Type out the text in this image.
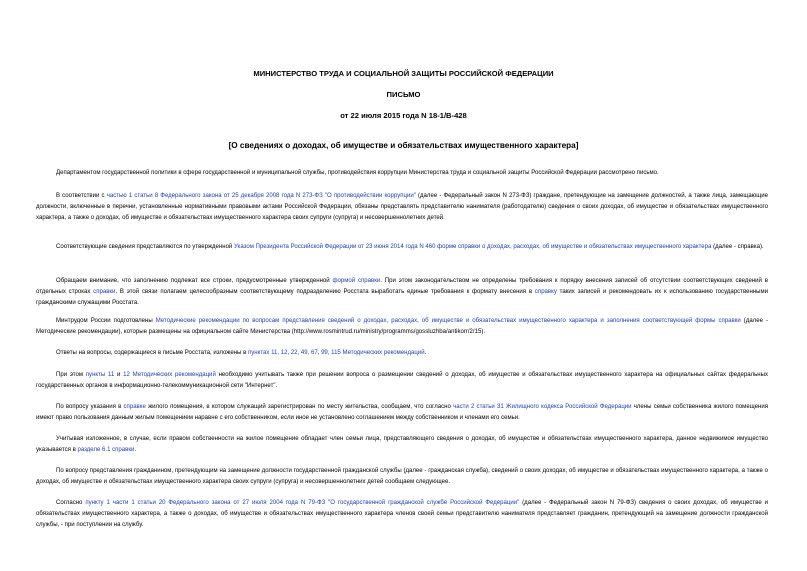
МИНИСТЕРСТВО ТРУДА И СОЦИАЛЬНОЙ ЗАЩИТЫ РОССИЙСКОЙ ФЕДЕРАЦИИ
ПИСЬМО
от 22 июля 2015 года N 18-1/В-428
[О сведениях о доходах, об имуществе и обязательствах имущественного характера]

Департаментом государственной политики в сфере государственной и муниципальной службы, противодействия коррупции Министерства труда и социальной защиты Российской Федерации рассмотрено письмо.

В соответствии с частью 1 статьи 8 Федерального закона от 25 декабря 2008 года N 273-ФЗ "О противодействии коррупции" (далее - Федеральный закон N 273-ФЗ) граждане, претендующие на замещение должностей, а также лица, замещающие должности, включенные в перечни, установленные нормативными правовыми актами Российской Федерации, обязаны представлять представителю нанимателя (работодателю) сведения о своих доходах, об имуществе и обязательствах имущественного характера, а также о доходах, об имуществе и обязательствах имущественного характера своих супруги (супруга) и несовершеннолетних детей.

Соответствующие сведения представляются по утвержденной Указом Президента Российской Федерации от 23 июня 2014 года N 460 форме справки о доходах, расходах, об имуществе и обязательствах имущественного характера (далее - справка).

Обращаем внимание, что заполнению подлежат все строки, предусмотренные утвержденной формой справки. При этом законодательством не определены требования к порядку внесения записей об отсутствии соответствующих сведений в отдельных строках справки. В этой связи полагаем целесообразным соответствующему подразделению Росстата выработать единые требования к формату внесения в справку таких записей и рекомендовать их к использованию государственными гражданскими служащими Росстата.

Минтрудом России подготовлены Методические рекомендации по вопросам представления сведений о доходах, расходах, об имуществе и обязательствах имущественного характера и заполнения соответствующей формы справки (далее - Методические рекомендации), которые размещены на официальном сайте Министерства (http://www.rosmintrud.ru/ministry/programms/gossluzhba/antikorr/2/15).

Ответы на вопросы, содержащиеся в письме Росстата, изложены в пунктах 11, 12, 22, 49, 67, 99, 115 Методических рекомендаций.

При этом пункты 11 и 12 Методических рекомендаций необходимо учитывать также при решении вопроса о размещении сведений о доходах, об имуществе и обязательствах имущественного характера на официальных сайтах федеральных государственных органов в информационно-телекоммуникационной сети "Интернет".

По вопросу указания в справке жилого помещения, в котором служащий зарегистрирован по месту жительства, сообщаем, что согласно части 2 статьи 31 Жилищного кодекса Российской Федерации члены семьи собственника жилого помещения имеют право пользования данным жилым помещением наравне с его собственником, если иное не установлено соглашением между собственником и членами его семьи.

Учитывая изложенное, в случае, если правом собственности на жилое помещение обладает член семьи лица, представляющего сведения о доходах, об имуществе и обязательствах имущественного характера, данное недвижимое имущество указывается в разделе 6.1 справки.

По вопросу представления гражданином, претендующим на замещение должности государственной гражданской службы (далее - гражданская служба), сведений о своих доходах, об имуществе и обязательствах имущественного характера, а также о доходах, об имуществе и обязательствах имущественного характера своих супруги (супруга) и несовершеннолетних детей сообщаем следующее.

Согласно пункту 1 части 1 статьи 20 Федерального закона от 27 июля 2004 года N 79-ФЗ "О государственной гражданской службе Российской Федерации" (далее - Федеральный закон N 79-ФЗ) сведения о своих доходах, об имуществе и обязательствах имущественного характера, а также о доходах, об имуществе и обязательствах имущественного характера членов своей семьи представителю нанимателя представляет гражданин, претендующий на замещение должности гражданской службы, - при поступлении на службу.
